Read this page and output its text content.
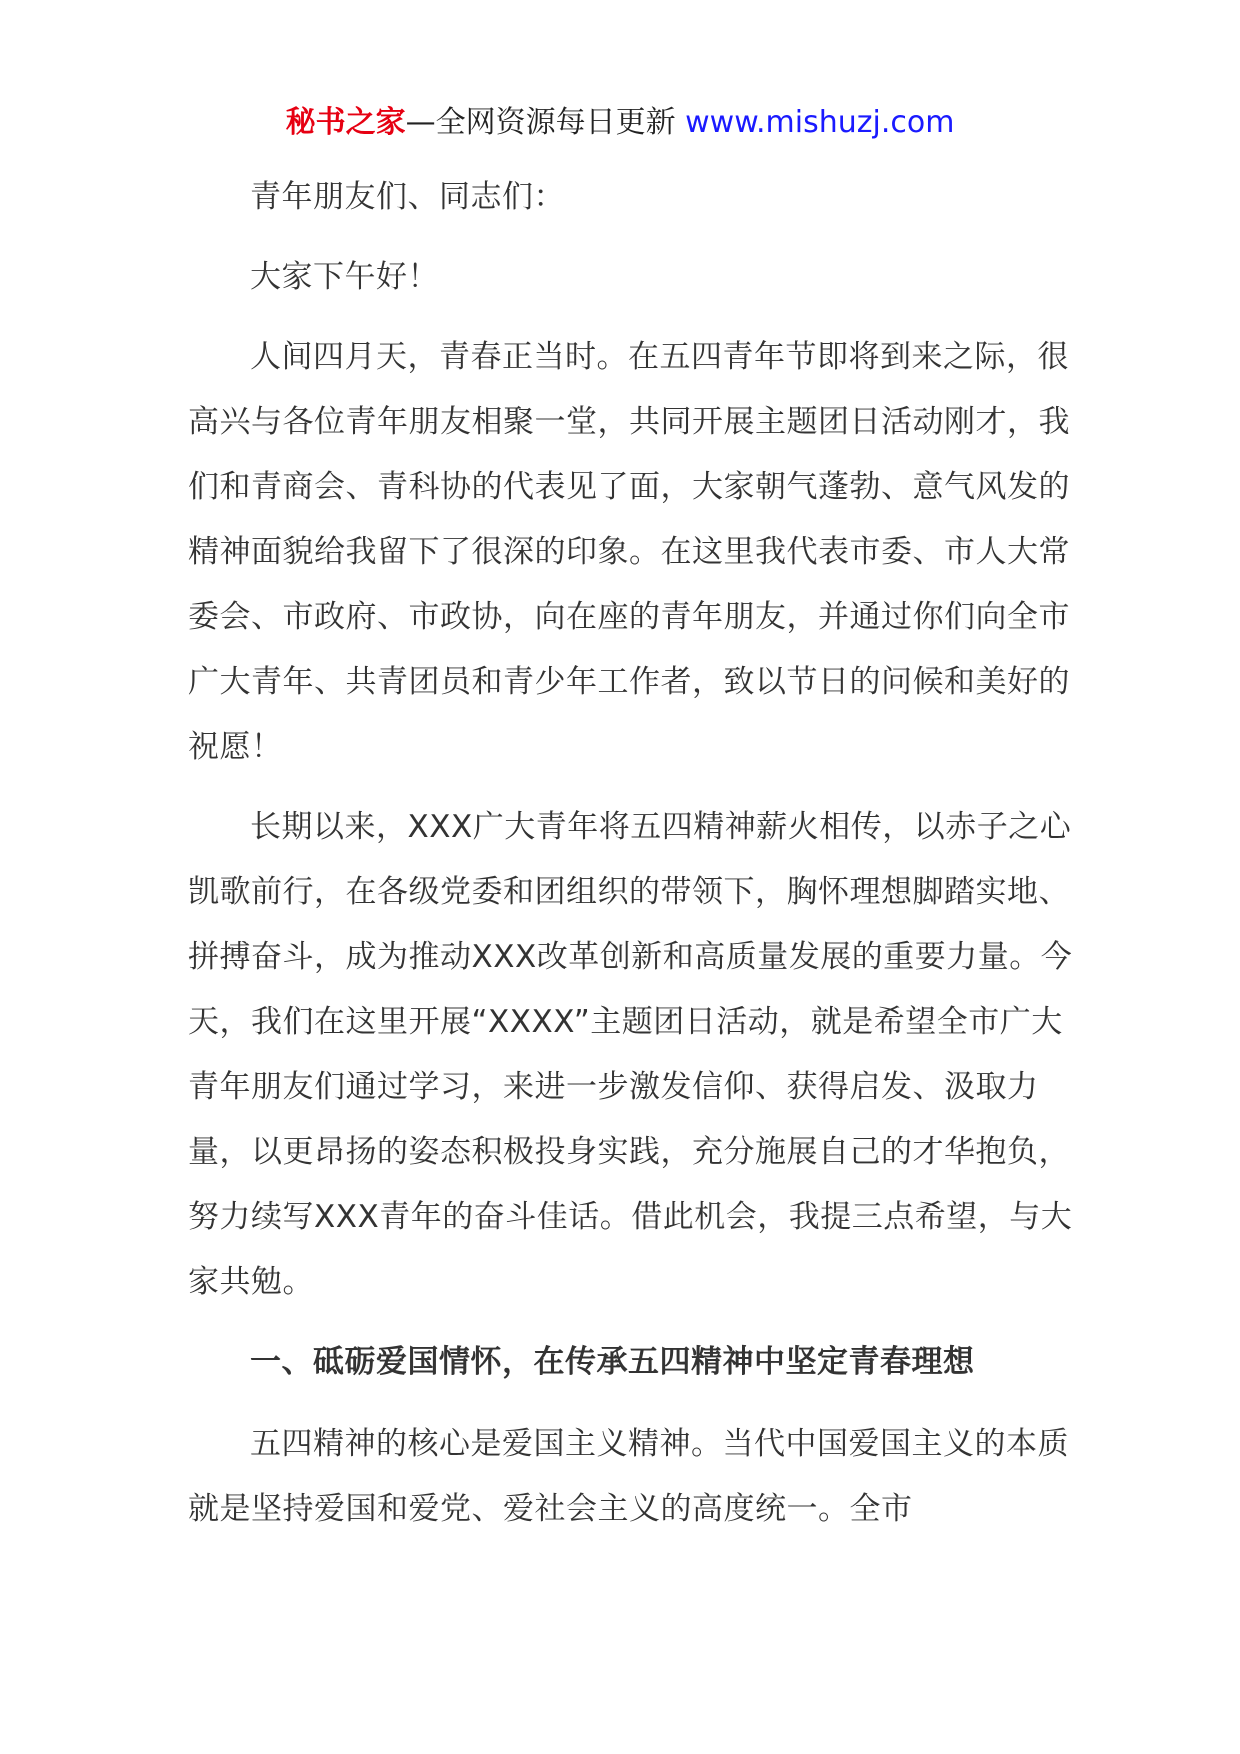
秘书之家—全网资源每日更新 www.mishuzj.com

青年朋友们、同志们：

大家下午好！

人间四月天，青春正当时。在五四青年节即将到来之际，很高兴与各位青年朋友相聚一堂，共同开展主题团日活动刚才，我们和青商会、青科协的代表见了面，大家朝气蓬勃、意气风发的精神面貌给我留下了很深的印象。在这里我代表市委、市人大常委会、市政府、市政协，向在座的青年朋友，并通过你们向全市广大青年、共青团员和青少年工作者，致以节日的问候和美好的祝愿！

长期以来，XXX广大青年将五四精神薪火相传，以赤子之心凯歌前行，在各级党委和团组织的带领下，胸怀理想脚踏实地、拼搏奋斗，成为推动XXX改革创新和高质量发展的重要力量。今天，我们在这里开展“XXXX”主题团日活动，就是希望全市广大青年朋友们通过学习，来进一步激发信仰、获得启发、汲取力量，以更昂扬的姿态积极投身实践，充分施展自己的才华抱负，努力续写XXX青年的奋斗佳话。借此机会，我提三点希望，与大家共勉。

一、砥砺爱国情怀，在传承五四精神中坚定青春理想

五四精神的核心是爱国主义精神。当代中国爱国主义的本质就是坚持爱国和爱党、爱社会主义的高度统一。全市
